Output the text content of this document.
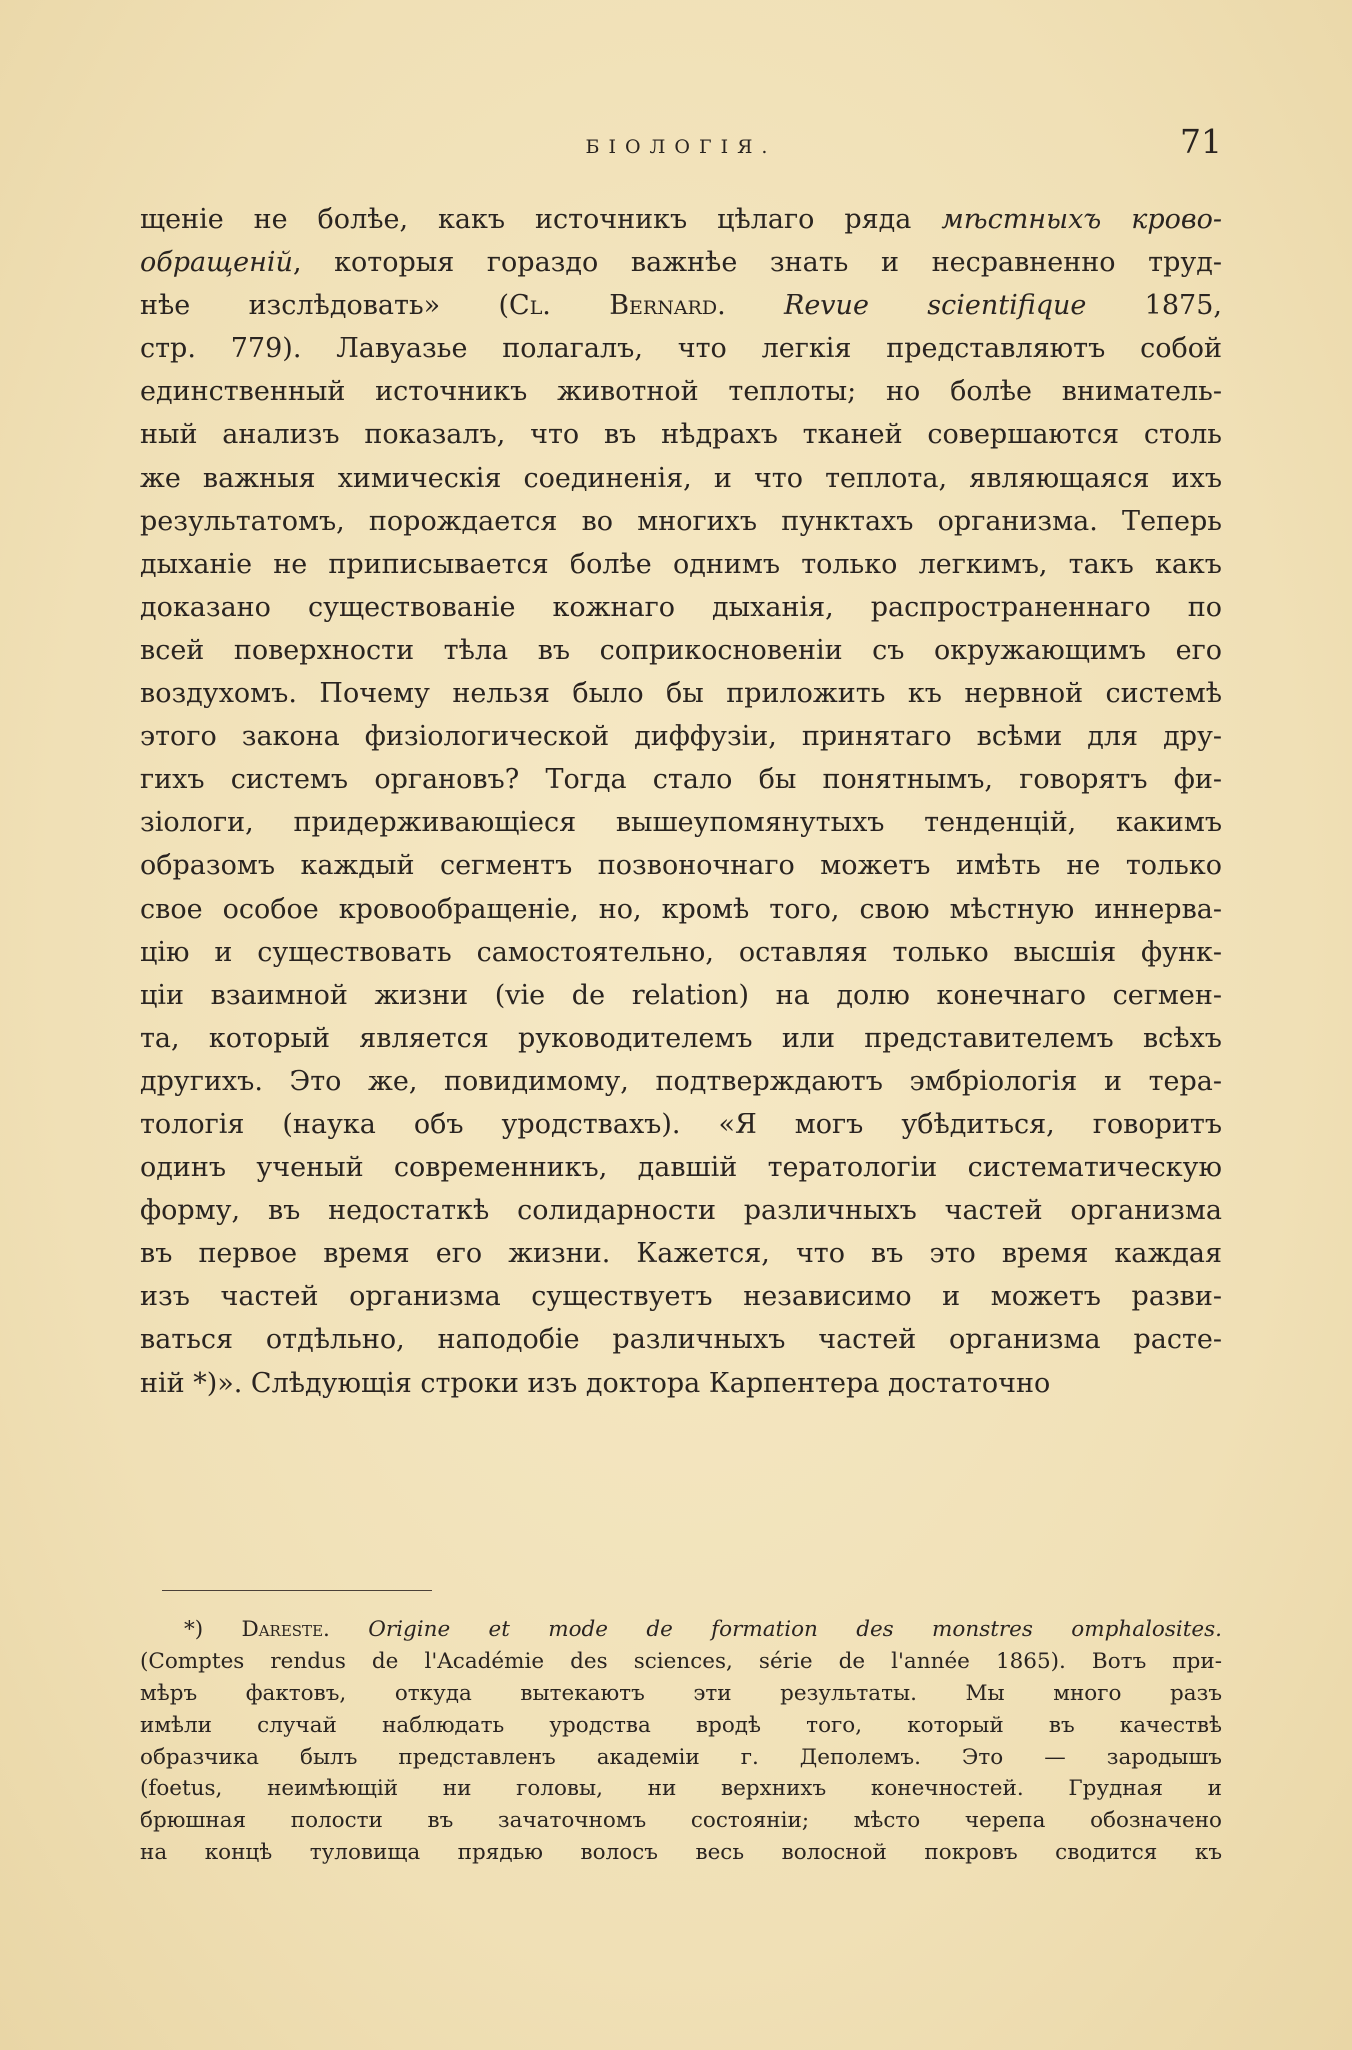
БІОЛОГІЯ.	71
щеніе не болѣе, какъ источникъ цѣлаго ряда мѣстныхъ крово-
обращеній, которыя гораздо важнѣе знать и несравненно труд-
нѣе изслѣдовать» (Cl. Bernard. Revue scientifique 1875,
стр. 779). Лавуазье полагалъ, что легкія представляютъ собой
единственный источникъ животной теплоты; но болѣе вниматель-
ный анализъ показалъ, что въ нѣдрахъ тканей совершаются столь
же важныя химическія соединенія, и что теплота, являющаяся ихъ
результатомъ, порождается во многихъ пунктахъ организма. Теперь
дыханіе не приписывается болѣе однимъ только легкимъ, такъ какъ
доказано существованіе кожнаго дыханія, распространеннаго по
всей поверхности тѣла въ соприкосновеніи съ окружающимъ его
воздухомъ. Почему нельзя было бы приложить къ нервной системѣ
этого закона физіологической диффузіи, принятаго всѣми для дру-
гихъ системъ органовъ? Тогда стало бы понятнымъ, говорятъ фи-
зіологи, придерживающіеся вышеупомянутыхъ тенденцій, какимъ
образомъ каждый сегментъ позвоночнаго можетъ имѣть не только
свое особое кровообращеніе, но, кромѣ того, свою мѣстную иннерва-
цію и существовать самостоятельно, оставляя только высшія функ-
ціи взаимной жизни (vie de relation) на долю конечнаго сегмен-
та, который является руководителемъ или представителемъ всѣхъ
другихъ. Это же, повидимому, подтверждаютъ эмбріологія и тера-
тологія (наука объ уродствахъ). «Я могъ убѣдиться, говоритъ
одинъ ученый современникъ, давшій тератологіи систематическую
форму, въ недостаткѣ солидарности различныхъ частей организма
въ первое время его жизни. Кажется, что въ это время каждая
изъ частей организма существуетъ независимо и можетъ разви-
ваться отдѣльно, наподобіе различныхъ частей организма расте-
ній *)». Слѣдующія строки изъ доктора Карпентера достаточно
*) Dareste. Origine et mode de formation des monstres omphalosites.
(Comptes rendus de l'Académie des sciences, série de l'année 1865). Вотъ при-
мѣръ фактовъ, откуда вытекаютъ эти результаты. Мы много разъ
имѣли случай наблюдать уродства вродѣ того, который въ качествѣ
образчика былъ представленъ академіи г. Деполемъ. Это — зародышъ
(foetus, неимѣющій ни головы, ни верхнихъ конечностей. Грудная и
брюшная полости въ зачаточномъ состояніи; мѣсто черепа обозначено
на концѣ туловища прядью волосъ весь волосной покровъ сводится къ
